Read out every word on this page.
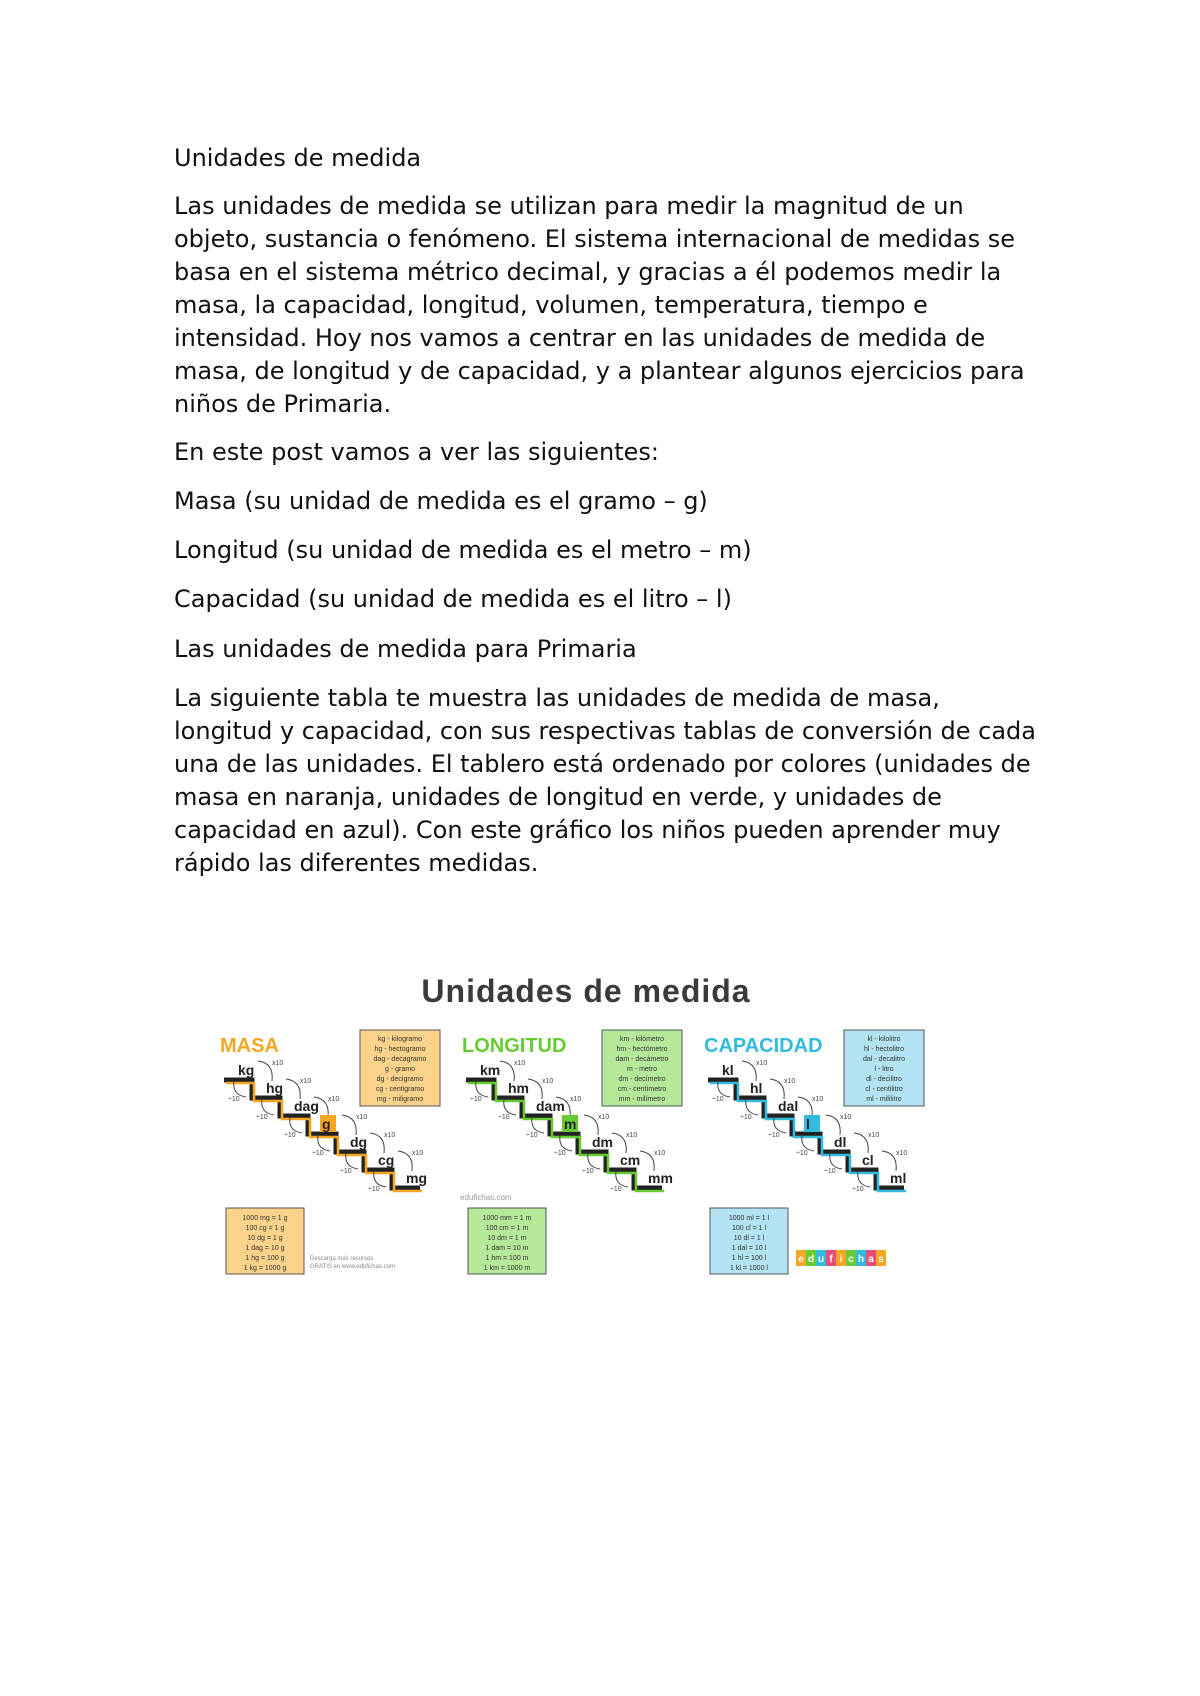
Unidades de medida

Las unidades de medida se utilizan para medir la magnitud de un objeto, sustancia o fenómeno. El sistema internacional de medidas se basa en el sistema métrico decimal, y gracias a él podemos medir la masa, la capacidad, longitud, volumen, temperatura, tiempo e intensidad. Hoy nos vamos a centrar en las unidades de medida de masa, de longitud y de capacidad, y a plantear algunos ejercicios para niños de Primaria.

En este post vamos a ver las siguientes:

Masa (su unidad de medida es el gramo – g)

Longitud (su unidad de medida es el metro – m)

Capacidad (su unidad de medida es el litro – l)

Las unidades de medida para Primaria

La siguiente tabla te muestra las unidades de medida de masa, longitud y capacidad, con sus respectivas tablas de conversión de cada una de las unidades. El tablero está ordenado por colores (unidades de masa en naranja, unidades de longitud en verde, y unidades de capacidad en azul). Con este gráfico los niños pueden aprender muy rápido las diferentes medidas.

Unidades de medida
MASA	kg - kilogramo
hg - hectogramo
dag - decagramo
g - gramo
dg - decigramo
cg - centigramo
mg - miligramo
kg	x10
÷10
hg x10
÷10
dag x10
÷10
g	x10
÷10
dg x10
÷10
cg	x10
÷10
mg
1000 mg = 1 g
100 cg = 1 g
10 dg = 1 g
1 dag = 10 g
1 hg = 100 g
1 kg = 1000 g
LONGITUD	km - kilómetro
hm - hectómetro
dam - decámetro
m - metro
dm - decímetro
cm - centímetro
mm - milímetro
km x10
÷10
hm x10
÷10
dam x10
÷10
m	x10
÷10
dm x10
÷10
cm x10
÷10
mm
1000 mm = 1 m
100 cm = 1 m
10 dm = 1 m
1 dam = 10 m
1 hm = 100 m
1 km = 1000 m
CAPACIDAD	kl - kilolitro
hl - hectolitro
dal - decalitro
l - litro
dl - decilitro
cl - centilitro
ml - mililitro
kl	x10
÷10
hl	x10
÷10
dal x10
÷10
l	x10
÷10
dl	x10
÷10
cl	x10
÷10
ml
1000 ml = 1 l
100 cl = 1 l
10 dl = 1 l
1 dal = 10 l
1 hl = 100 l
1 kl = 1000 l
edufichas.com
Descarga más recursos
GRATIS en www.edufichas.com
e d u f i c h a s
